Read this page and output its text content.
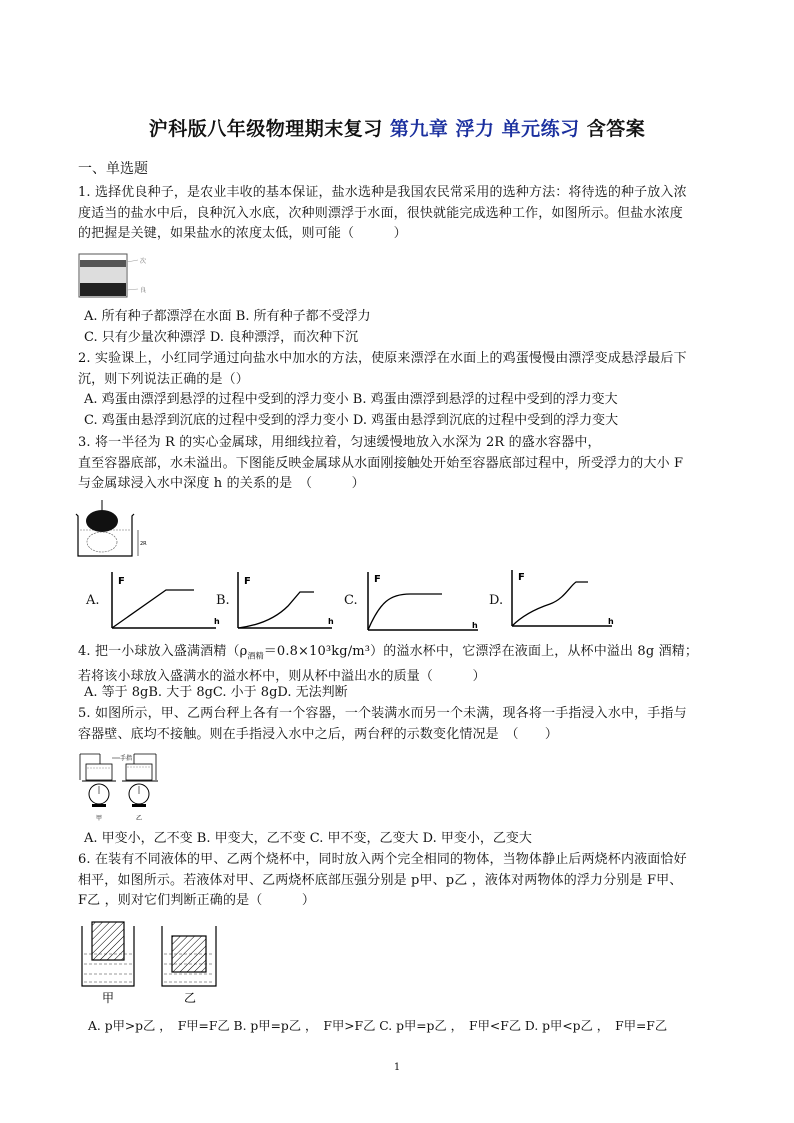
沪科版八年级物理期末复习 第九章 浮力 单元练习 含答案
一、单选题
1. 选择优良种子，是农业丰收的基本保证，盐水选种是我国农民常采用的选种方法：将待选的种子放入浓
度适当的盐水中后，良种沉入水底，次种则漂浮于水面，很快就能完成选种工作，如图所示。但盐水浓度
的把握是关键，如果盐水的浓度太低，则可能（　　　）
次
良
A. 所有种子都漂浮在水面 B. 所有种子都不受浮力
C. 只有少量次种漂浮 D. 良种漂浮，而次种下沉
2. 实验课上，小红同学通过向盐水中加水的方法，使原来漂浮在水面上的鸡蛋慢慢由漂浮变成悬浮最后下
沉，则下列说法正确的是（）
A. 鸡蛋由漂浮到悬浮的过程中受到的浮力变小 B. 鸡蛋由漂浮到悬浮的过程中受到的浮力变大
C. 鸡蛋由悬浮到沉底的过程中受到的浮力变小 D. 鸡蛋由悬浮到沉底的过程中受到的浮力变大
3. 将一半径为 R 的实心金属球，用细线拉着，匀速缓慢地放入水深为 2R 的盛水容器中，
直至容器底部，水未溢出。下图能反映金属球从水面刚接触处开始至容器底部过程中，所受浮力的大小 F
与金属球浸入水中深度 h 的关系的是　（　　　）
2R
A.
F
h
B.
F
h
C.
F
h
D.
F
h
4. 把一小球放入盛满酒精$(\rho_{酒精}=0.8\times 10^3kg/m^3)$的溢水杯中，它漂浮在液面上，从杯中溢出 8g 酒精；
若将该小球放入盛满水的溢水杯中，则从杯中溢出水的质量（　　　）
A. 等于 8gB. 大于 8gC. 小于 8gD. 无法判断
5. 如图所示，甲、乙两台秤上各有一个容器，一个装满水而另一个未满，现各将一手指浸入水中，手指与
容器壁、底均不接触。则在手指浸入水中之后，两台秤的示数变化情况是　（　　）
甲	乙
手指
A. 甲变小，乙不变 B. 甲变大，乙不变 C. 甲不变，乙变大 D. 甲变小，乙变大
6. 在装有不同液体的甲、乙两个烧杯中，同时放入两个完全相同的物体，当物体静止后两烧杯内液面恰好
相平，如图所示。若液体对甲、乙两烧杯底部压强分别是 p甲、p乙 ，液体对两物体的浮力分别是 F甲、
F乙 ，则对它们判断正确的是（　　　）
甲	乙
A. p甲>p乙 ，　F甲=F乙 B. p甲=p乙 ，　F甲>F乙 C. p甲=p乙 ，　F甲<F乙 D. p甲<p乙 ，　F甲=F乙
1
